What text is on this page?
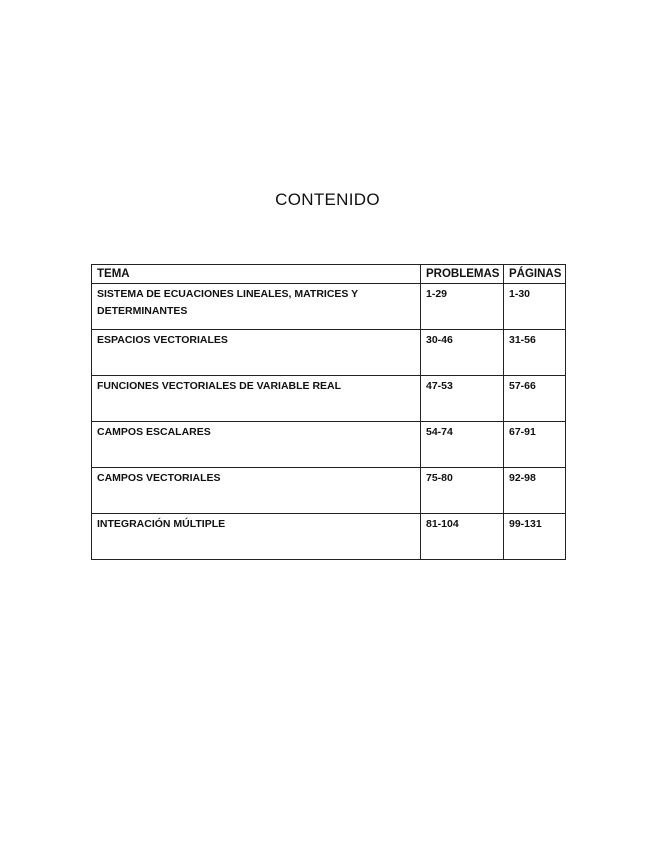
CONTENIDO
TEMA	PROBLEMAS	PÁGINAS
SISTEMA DE ECUACIONES LINEALES, MATRICES Y DETERMINANTES	1-29	1-30
ESPACIOS VECTORIALES	30-46	31-56
FUNCIONES VECTORIALES DE VARIABLE REAL	47-53	57-66
CAMPOS ESCALARES	54-74	67-91
CAMPOS VECTORIALES	75-80	92-98
INTEGRACIÓN MÚLTIPLE	81-104	99-131
